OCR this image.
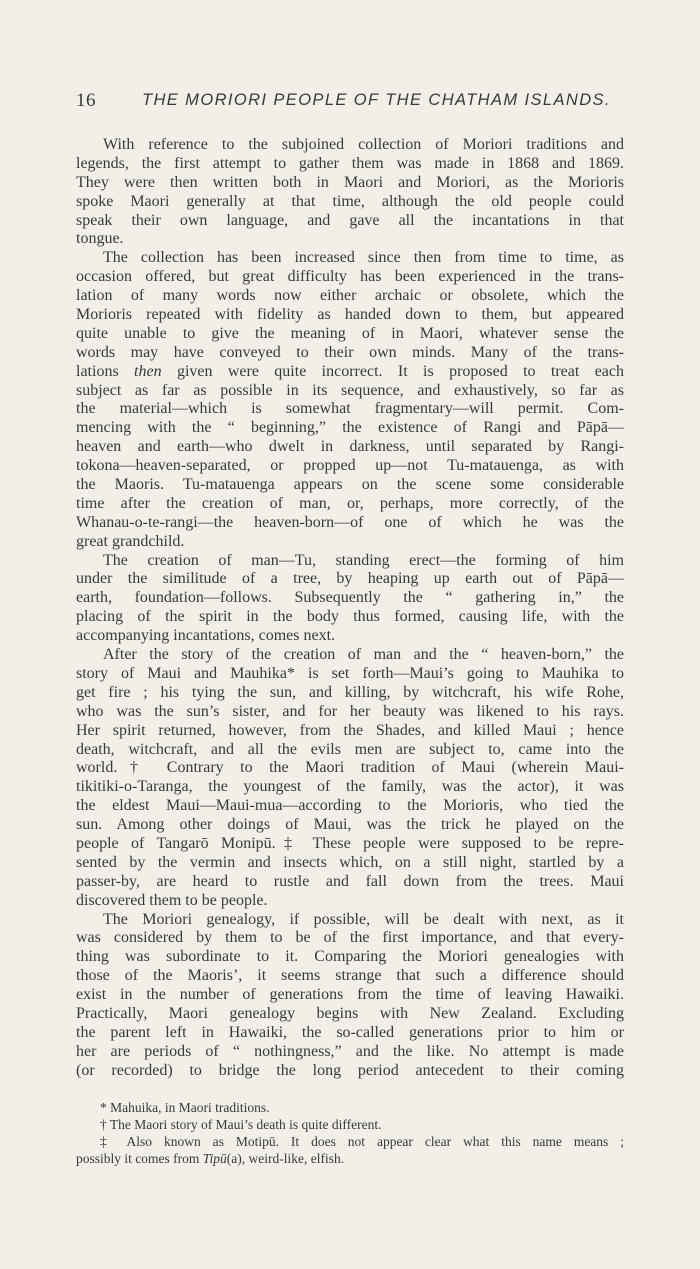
16	THE MORIORI PEOPLE OF THE CHATHAM ISLANDS.
With reference to the subjoined collection of Moriori traditions and
legends, the first attempt to gather them was made in 1868 and 1869.
They were then written both in Maori and Moriori, as the Morioris
spoke Maori generally at that time, although the old people could
speak their own language, and gave all the incantations in that
tongue.
The collection has been increased since then from time to time, as
occasion offered, but great difficulty has been experienced in the trans-
lation of many words now either archaic or obsolete, which the
Morioris repeated with fidelity as handed down to them, but appeared
quite unable to give the meaning of in Maori, whatever sense the
words may have conveyed to their own minds. Many of the trans-
lations then given were quite incorrect. It is proposed to treat each
subject as far as possible in its sequence, and exhaustively, so far as
the material—which is somewhat fragmentary—will permit. Com-
mencing with the “ beginning,” the existence of Rangi and Pāpā—
heaven and earth—who dwelt in darkness, until separated by Rangi-
tokona—heaven-separated, or propped up—not Tu-matauenga, as with
the Maoris. Tu-matauenga appears on the scene some considerable
time after the creation of man, or, perhaps, more correctly, of the
Whanau-o-te-rangi—the heaven-born—of one of which he was the
great grandchild.
The creation of man—Tu, standing erect—the forming of him
under the similitude of a tree, by heaping up earth out of Pāpā—
earth, foundation—follows. Subsequently the “ gathering in,” the
placing of the spirit in the body thus formed, causing life, with the
accompanying incantations, comes next.
After the story of the creation of man and the “ heaven-born,” the
story of Maui and Mauhika* is set forth—Maui’s going to Mauhika to
get fire ; his tying the sun, and killing, by witchcraft, his wife Rohe,
who was the sun’s sister, and for her beauty was likened to his rays.
Her spirit returned, however, from the Shades, and killed Maui ; hence
death, witchcraft, and all the evils men are subject to, came into the
world.† Contrary to the Maori tradition of Maui (wherein Maui-
tikitiki-o-Taranga, the youngest of the family, was the actor), it was
the eldest Maui—Maui-mua—according to the Morioris, who tied the
sun. Among other doings of Maui, was the trick he played on the
people of Tangarō Monipū.‡ These people were supposed to be repre-
sented by the vermin and insects which, on a still night, startled by a
passer-by, are heard to rustle and fall down from the trees. Maui
discovered them to be people.
The Moriori genealogy, if possible, will be dealt with next, as it
was considered by them to be of the first importance, and that every-
thing was subordinate to it. Comparing the Moriori genealogies with
those of the Maoris’, it seems strange that such a difference should
exist in the number of generations from the time of leaving Hawaiki.
Practically, Maori genealogy begins with New Zealand. Excluding
the parent left in Hawaiki, the so-called generations prior to him or
her are periods of “ nothingness,” and the like. No attempt is made
(or recorded) to bridge the long period antecedent to their coming
* Mahuika, in Maori traditions.
† The Maori story of Maui’s death is quite different.
‡ Also known as Motipū. It does not appear clear what this name means ;
possibly it comes from Tipū(a), weird-like, elfish.
